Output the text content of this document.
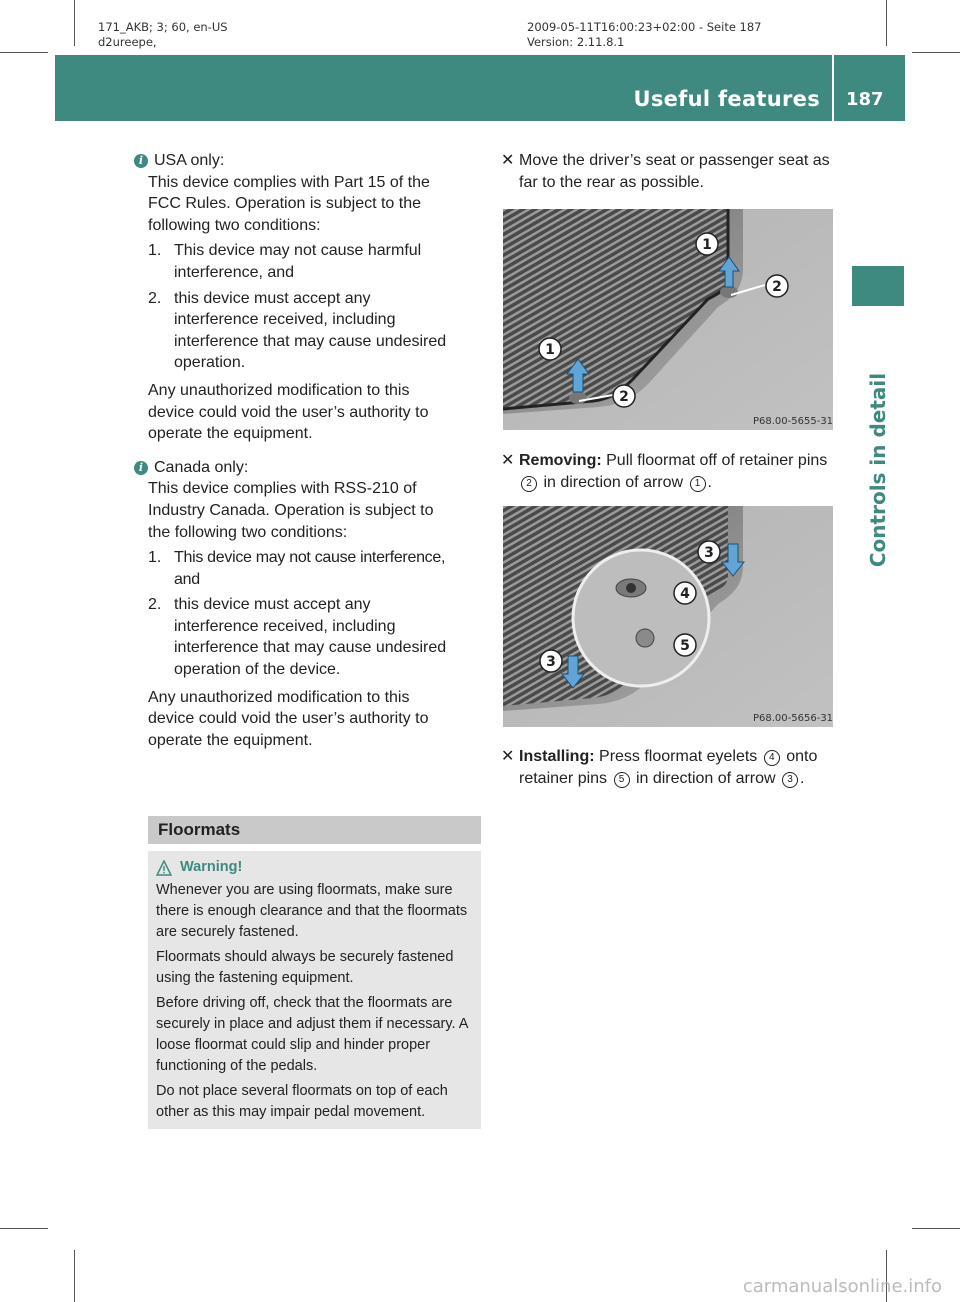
171_AKB; 3; 60, en-US
d2ureepe,
2009-05-11T16:00:23+02:00 - Seite 187
Version: 2.11.8.1
Useful features 187
Controls in detail
i USA only:
This device complies with Part 15 of the
FCC Rules. Operation is subject to the
following two conditions:
1. This device may not cause harmful
interference, and
2. this device must accept any
interference received, including
interference that may cause undesired
operation.
Any unauthorized modification to this
device could void the user’s authority to
operate the equipment.
i Canada only:
This device complies with RSS-210 of
Industry Canada. Operation is subject to
the following two conditions:
1. This device may not cause interference,
and
2. this device must accept any
interference received, including
interference that may cause undesired
operation of the device.
Any unauthorized modification to this
device could void the user’s authority to
operate the equipment.
Floormats
Warning!

Whenever you are using floormats, make sure there is enough clearance and that the floormats are securely fastened.

Floormats should always be securely fastened using the fastening equipment.

Before driving off, check that the floormats are securely in place and adjust them if necessary. A loose floormat could slip and hinder proper functioning of the pedals.

Do not place several floormats on top of each other as this may impair pedal movement.

✕ Move the driver’s seat or passenger seat as far to the rear as possible.
1
2
1
2
P68.00-5655-31
✕ Removing: Pull floormat off of retainer pins 2 in direction of arrow 1 .
3
4
5
3
P68.00-5656-31
✕ Installing: Press floormat eyelets 4 onto retainer pins 5 in direction of arrow 3 .
carmanualsonline.info
